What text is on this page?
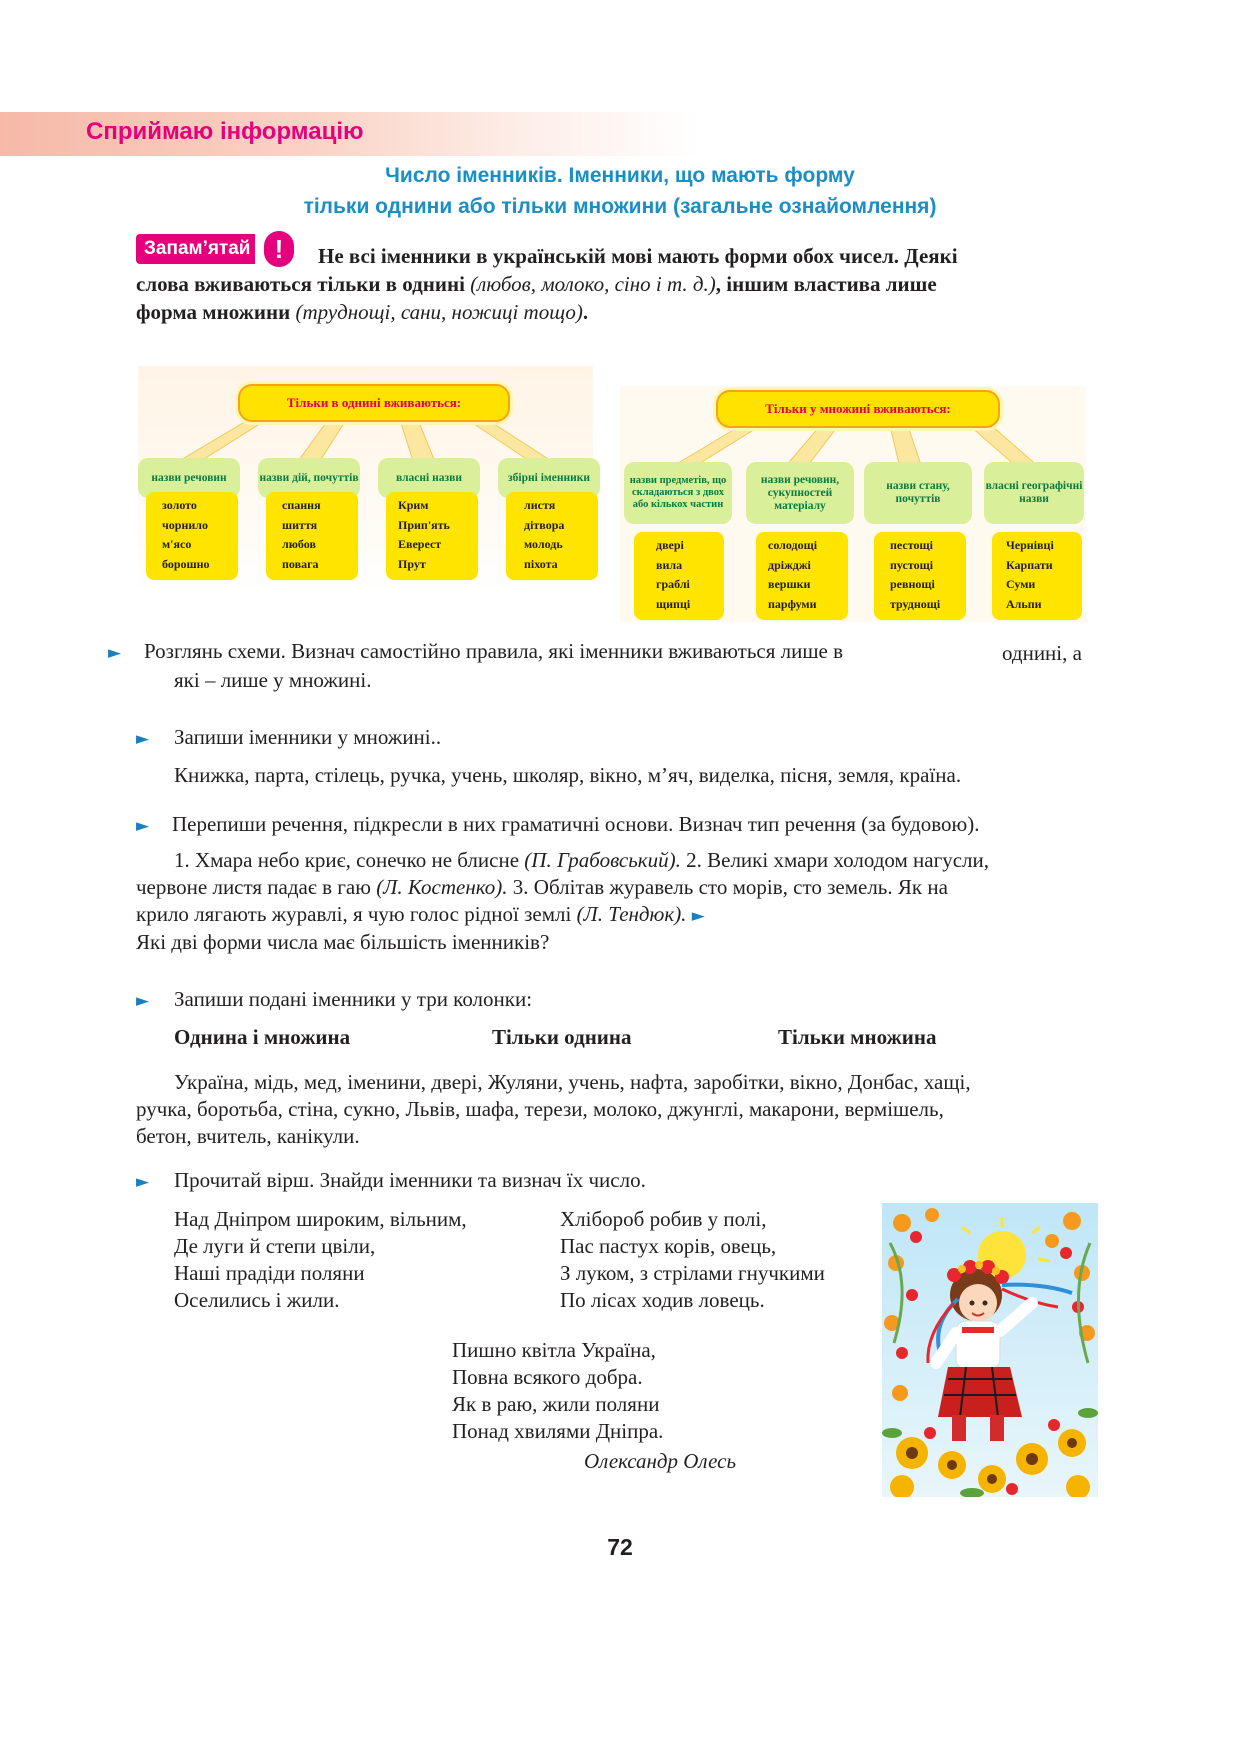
Сприймаю інформацію
Число іменників. Іменники, що мають форму
тільки однини або тільки множини (загальне ознайомлення)
Запам’ятай !	Не всі іменники в українській мові мають форми обох чисел. Деякі
слова вживаються тільки в однині (любов, молоко, сіно і т. д.), іншим властива лише
форма множини (труднощі, сани, ножиці тощо).
Тільки в однині вживаються:
назви речовин	назви дій, почуттів	власні назви	збірні іменники
золото
чорнило
м'ясо
борошно
спання
шиття
любов
повага
Крим
Прип'ять
Еверест
Прут
листя
дітвора
молодь
піхота
Тільки у множині вживаються:
назви предметів, що складаються з двох або кількох частин
назви речовин, сукупностей матеріалу
назви стану, почуттів
власні географічні назви
двері
вила
граблі
щипці
солодощі
дріжджі
вершки
парфуми
пестощі
пустощі
ревнощі
труднощі
Чернівці
Карпати
Суми
Альпи
► Розглянь схеми. Визнач самостійно правила, які іменники вживаються лише в	однині, а
які – лише у множині.
► Запиши іменники у множині..
Книжка, парта, стілець, ручка, учень, школяр, вікно, м’яч, виделка, пісня, земля, країна.
► Перепиши речення, підкресли в них граматичні основи. Визнач тип речення (за будовою).
1. Хмара небо криє, сонечко не блисне (П. Грабовський). 2. Великі хмари холодом нагусли,
червоне листя падає в гаю (Л. Костенко). 3. Облітав журавель сто морів, сто земель. Як на
крило лягають журавлі, я чую голос рідної землі (Л. Тендюк). ►
Які дві форми числа має більшість іменників?
► Запиши подані іменники у три колонки:
Однина і множина	Тільки однина	Тільки множина
Україна, мідь, мед, іменини, двері, Жуляни, учень, нафта, заробітки, вікно, Донбас, хащі,
ручка, боротьба, стіна, сукно, Львів, шафа, терези, молоко, джунглі, макарони, вермішель,
бетон, вчитель, канікули.
► Прочитай вірш. Знайди іменники та визнач їх число.
Над Дніпром широким, вільним,
Де луги й степи цвіли,
Наші прадіди поляни
Оселились і жили.
Хлібороб робив у полі,
Пас пастух корів, овець,
З луком, з стрілами гнучкими
По лісах ходив ловець.
Пишно квітла Україна,
Повна всякого добра.
Як в раю, жили поляни
Понад хвилями Дніпра.
Олександр Олесь
72
